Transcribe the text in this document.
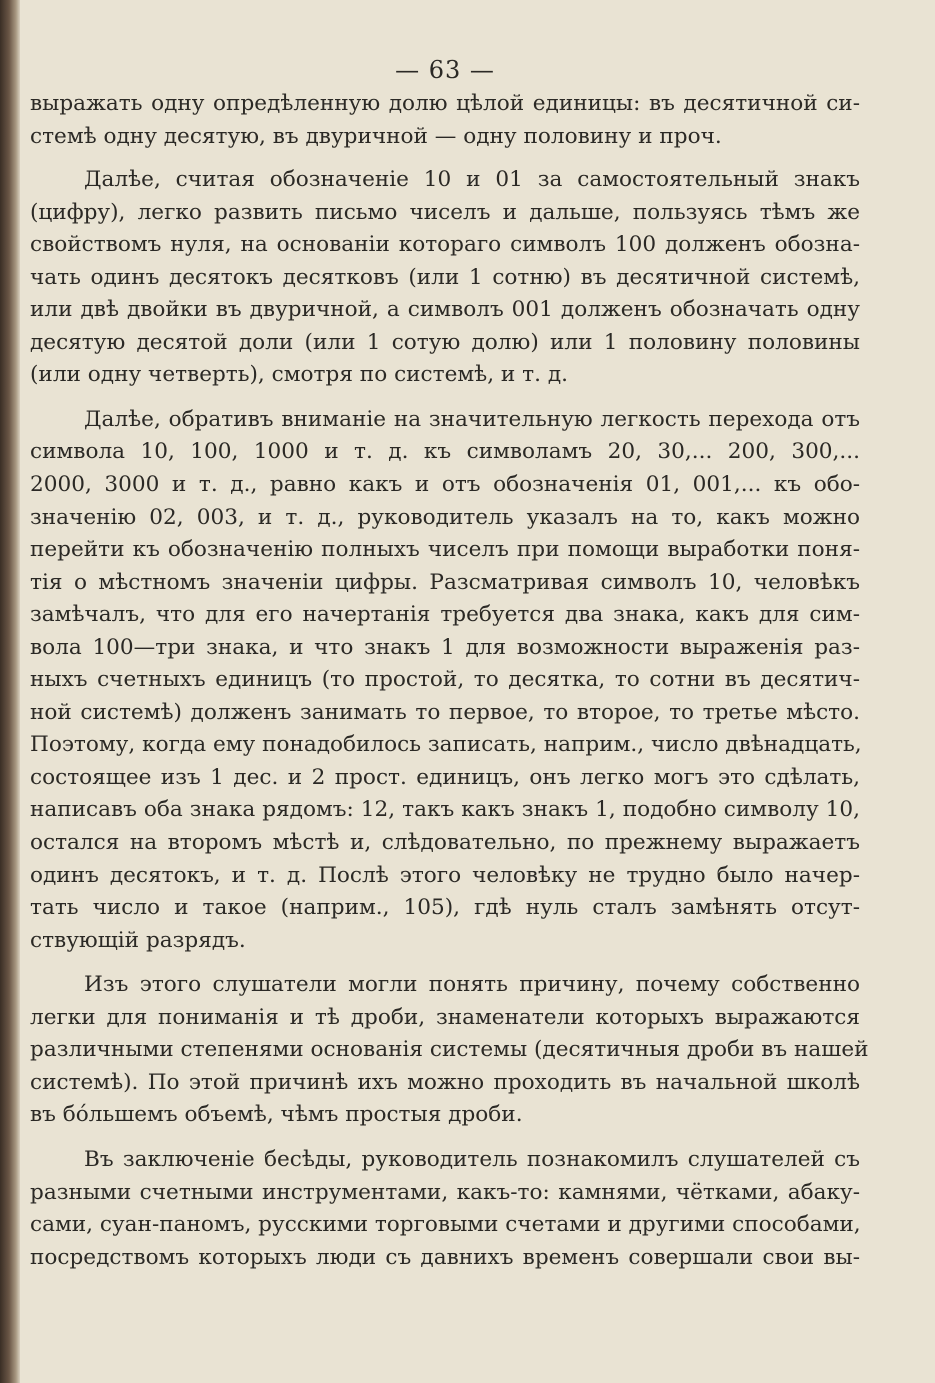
— 63 —

выражать одну опредѣленную долю цѣлой единицы: въ десятичной си-
стемѣ одну десятую, въ двуричной — одну половину и проч.

Далѣе, считая обозначенiе 10 и 01 за самостоятельный знакъ
(цифру), легко развить письмо чиселъ и дальше, пользуясь тѣмъ же
свойствомъ нуля, на основанiи котораго символъ 100 долженъ обозна-
чать одинъ десятокъ десятковъ (или 1 сотню) въ десятичной системѣ,
или двѣ двойки въ двуричной, а символъ 001 долженъ обозначать одну
десятую десятой доли (или 1 сотую долю) или 1 половину половины
(или одну четверть), смотря по системѣ, и т. д.

Далѣе, обративъ вниманiе на значительную легкость перехода отъ
символа 10, 100, 1000 и т. д. къ символамъ 20, 30,... 200, 300,...
2000, 3000 и т. д., равно какъ и отъ обозначенiя 01, 001,... къ обо-
значенiю 02, 003, и т. д., руководитель указалъ на то, какъ можно
перейти къ обозначенiю полныхъ чиселъ при помощи выработки поня-
тiя о мѣстномъ значенiи цифры. Разсматривая символъ 10, человѣкъ
замѣчалъ, что для его начертанiя требуется два знака, какъ для сим-
вола 100—три знака, и что знакъ 1 для возможности выраженiя раз-
ныхъ счетныхъ единицъ (то простой, то десятка, то сотни въ десятич-
ной системѣ) долженъ занимать то первое, то второе, то третье мѣсто.
Поэтому, когда ему понадобилось записать, наприм., число двѣнадцать,
состоящее изъ 1 дес. и 2 прост. единицъ, онъ легко могъ это сдѣлать,
написавъ оба знака рядомъ: 12, такъ какъ знакъ 1, подобно символу 10,
остался на второмъ мѣстѣ и, слѣдовательно, по прежнему выражаетъ
одинъ десятокъ, и т. д. Послѣ этого человѣку не трудно было начер-
тать число и такое (наприм., 105), гдѣ нуль сталъ замѣнять отсут-
ствующiй разрядъ.

Изъ этого слушатели могли понять причину, почему собственно
легки для пониманiя и тѣ дроби, знаменатели которыхъ выражаются
различными степенями основанiя системы (десятичныя дроби въ нашей
системѣ). По этой причинѣ ихъ можно проходить въ начальной школѣ
въ бóльшемъ объемѣ, чѣмъ простыя дроби.

Въ заключенiе бесѣды, руководитель познакомилъ слушателей съ
разными счетными инструментами, какъ-то: камнями, чётками, абаку-
сами, суан-паномъ, русскими торговыми счетами и другими способами,
посредствомъ которыхъ люди съ давнихъ временъ совершали свои вы-
